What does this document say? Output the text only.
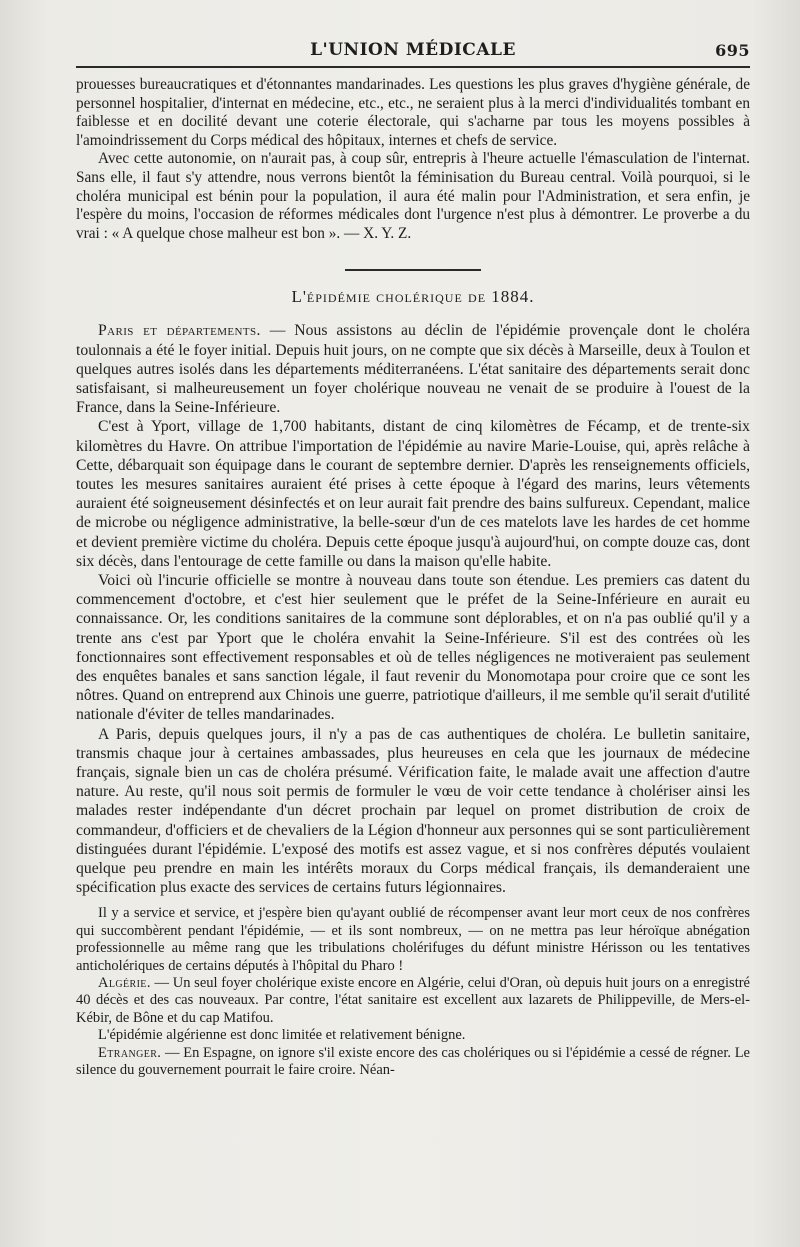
L'UNION MÉDICALE	695

prouesses bureaucratiques et d'étonnantes mandarinades. Les questions les plus graves d'hygiène générale, de personnel hospitalier, d'internat en médecine, etc., etc., ne seraient plus à la merci d'individualités tombant en faiblesse et en docilité devant une coterie électorale, qui s'acharne par tous les moyens possibles à l'amoindrissement du Corps médical des hôpitaux, internes et chefs de service.

Avec cette autonomie, on n'aurait pas, à coup sûr, entrepris à l'heure actuelle l'émasculation de l'internat. Sans elle, il faut s'y attendre, nous verrons bientôt la féminisation du Bureau central. Voilà pourquoi, si le choléra municipal est bénin pour la population, il aura été malin pour l'Administration, et sera enfin, je l'espère du moins, l'occasion de réformes médicales dont l'urgence n'est plus à démontrer. Le proverbe a du vrai : « A quelque chose malheur est bon ». — X. Y. Z.

L'épidémie cholérique de 1884.

Paris et départements. — Nous assistons au déclin de l'épidémie provençale dont le choléra toulonnais a été le foyer initial. Depuis huit jours, on ne compte que six décès à Marseille, deux à Toulon et quelques autres isolés dans les départements méditerranéens. L'état sanitaire des départements serait donc satisfaisant, si malheureusement un foyer cholérique nouveau ne venait de se produire à l'ouest de la France, dans la Seine-Inférieure.

C'est à Yport, village de 1,700 habitants, distant de cinq kilomètres de Fécamp, et de trente-six kilomètres du Havre. On attribue l'importation de l'épidémie au navire Marie-Louise, qui, après relâche à Cette, débarquait son équipage dans le courant de septembre dernier. D'après les renseignements officiels, toutes les mesures sanitaires auraient été prises à cette époque à l'égard des marins, leurs vêtements auraient été soigneusement désinfectés et on leur aurait fait prendre des bains sulfureux. Cependant, malice de microbe ou négligence administrative, la belle-sœur d'un de ces matelots lave les hardes de cet homme et devient première victime du choléra. Depuis cette époque jusqu'à aujourd'hui, on compte douze cas, dont six décès, dans l'entourage de cette famille ou dans la maison qu'elle habite.

Voici où l'incurie officielle se montre à nouveau dans toute son étendue. Les premiers cas datent du commencement d'octobre, et c'est hier seulement que le préfet de la Seine-Inférieure en aurait eu connaissance. Or, les conditions sanitaires de la commune sont déplorables, et on n'a pas oublié qu'il y a trente ans c'est par Yport que le choléra envahit la Seine-Inférieure. S'il est des contrées où les fonctionnaires sont effectivement responsables et où de telles négligences ne motiveraient pas seulement des enquêtes banales et sans sanction légale, il faut revenir du Monomotapa pour croire que ce sont les nôtres. Quand on entreprend aux Chinois une guerre, patriotique d'ailleurs, il me semble qu'il serait d'utilité nationale d'éviter de telles mandarinades.

A Paris, depuis quelques jours, il n'y a pas de cas authentiques de choléra. Le bulletin sanitaire, transmis chaque jour à certaines ambassades, plus heureuses en cela que les journaux de médecine français, signale bien un cas de choléra présumé. Vérification faite, le malade avait une affection d'autre nature. Au reste, qu'il nous soit permis de formuler le vœu de voir cette tendance à cholériser ainsi les malades rester indépendante d'un décret prochain par lequel on promet distribution de croix de commandeur, d'officiers et de chevaliers de la Légion d'honneur aux personnes qui se sont particulièrement distinguées durant l'épidémie. L'exposé des motifs est assez vague, et si nos confrères députés voulaient quelque peu prendre en main les intérêts moraux du Corps médical français, ils demanderaient une spécification plus exacte des services de certains futurs légionnaires.

Il y a service et service, et j'espère bien qu'ayant oublié de récompenser avant leur mort ceux de nos confrères qui succombèrent pendant l'épidémie, — et ils sont nombreux, — on ne mettra pas leur héroïque abnégation professionnelle au même rang que les tribulations cholérifuges du défunt ministre Hérisson ou les tentatives anticholériques de certains députés à l'hôpital du Pharo !

Algérie. — Un seul foyer cholérique existe encore en Algérie, celui d'Oran, où depuis huit jours on a enregistré 40 décès et des cas nouveaux. Par contre, l'état sanitaire est excellent aux lazarets de Philippeville, de Mers-el-Kébir, de Bône et du cap Matifou.

L'épidémie algérienne est donc limitée et relativement bénigne.

Etranger. — En Espagne, on ignore s'il existe encore des cas cholériques ou si l'épidémie a cessé de régner. Le silence du gouvernement pourrait le faire croire. Néan-
